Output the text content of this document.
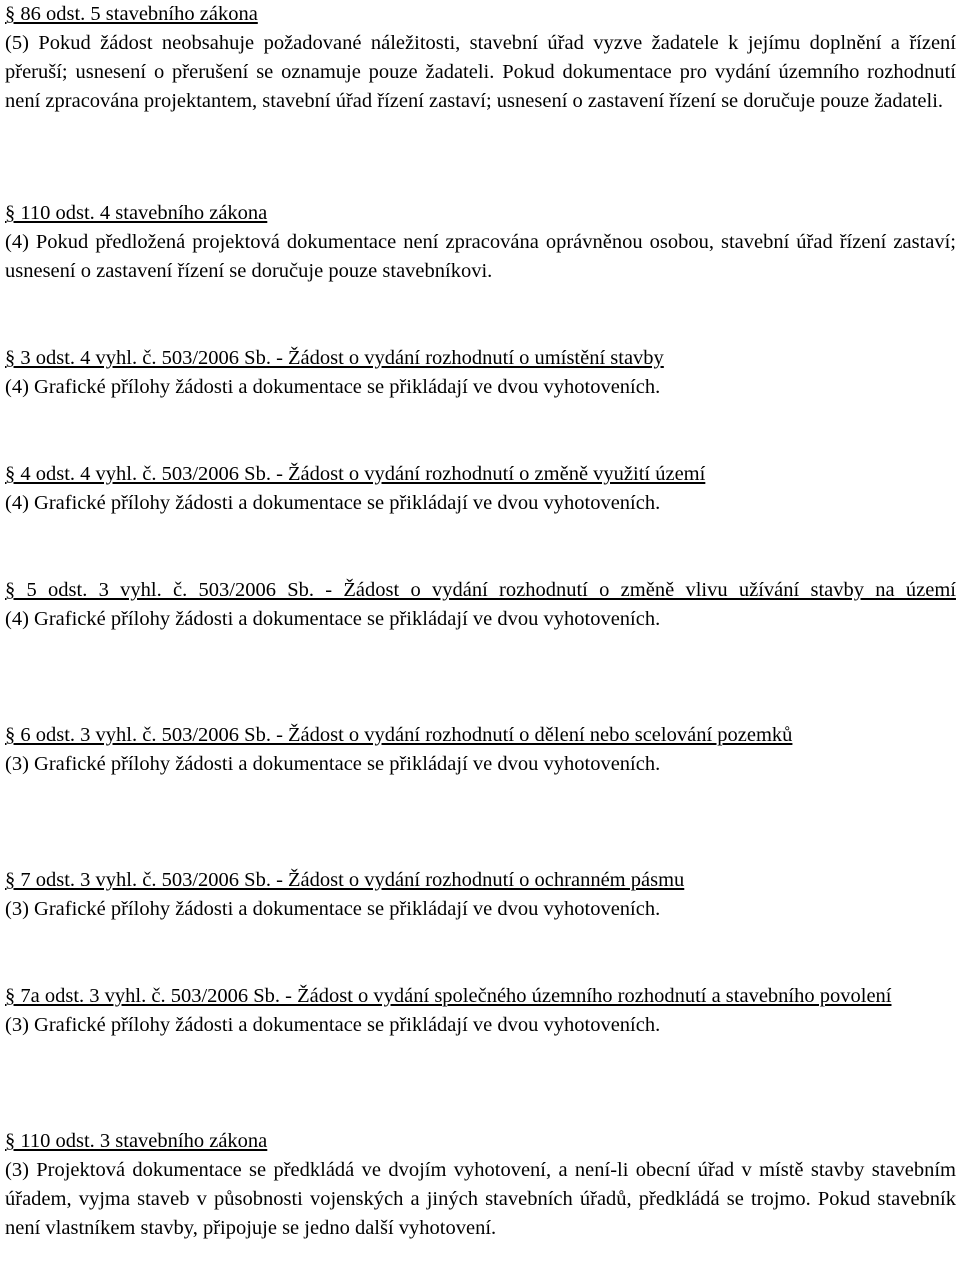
§ 86 odst. 5 stavebního zákona

(5) Pokud žádost neobsahuje požadované náležitosti, stavební úřad vyzve žadatele k jejímu doplnění a řízení přeruší; usnesení o přerušení se oznamuje pouze žadateli. Pokud dokumentace pro vydání územního rozhodnutí není zpracována projektantem, stavební úřad řízení zastaví; usnesení o zastavení řízení se doručuje pouze žadateli.

§ 110 odst. 4 stavebního zákona

(4) Pokud předložená projektová dokumentace není zpracována oprávněnou osobou, stavební úřad řízení zastaví; usnesení o zastavení řízení se doručuje pouze stavebníkovi.

§ 3 odst. 4 vyhl. č. 503/2006 Sb. - Žádost o vydání rozhodnutí o umístění stavby

(4) Grafické přílohy žádosti a dokumentace se přikládají ve dvou vyhotoveních.

§ 4 odst. 4 vyhl. č. 503/2006 Sb. - Žádost o vydání rozhodnutí o změně využití území

(4) Grafické přílohy žádosti a dokumentace se přikládají ve dvou vyhotoveních.

§ 5 odst. 3 vyhl. č. 503/2006 Sb. - Žádost o vydání rozhodnutí o změně vlivu užívání stavby na území

(4) Grafické přílohy žádosti a dokumentace se přikládají ve dvou vyhotoveních.

§ 6 odst. 3 vyhl. č. 503/2006 Sb. - Žádost o vydání rozhodnutí o dělení nebo scelování pozemků

(3) Grafické přílohy žádosti a dokumentace se přikládají ve dvou vyhotoveních.

§ 7 odst. 3 vyhl. č. 503/2006 Sb. - Žádost o vydání rozhodnutí o ochranném pásmu

(3) Grafické přílohy žádosti a dokumentace se přikládají ve dvou vyhotoveních.

§ 7a odst. 3 vyhl. č. 503/2006 Sb. - Žádost o vydání společného územního rozhodnutí a stavebního povolení

(3) Grafické přílohy žádosti a dokumentace se přikládají ve dvou vyhotoveních.

§ 110 odst. 3 stavebního zákona

(3) Projektová dokumentace se předkládá ve dvojím vyhotovení, a není-li obecní úřad v místě stavby stavebním úřadem, vyjma staveb v působnosti vojenských a jiných stavebních úřadů, předkládá se trojmo. Pokud stavebník není vlastníkem stavby, připojuje se jedno další vyhotovení.
